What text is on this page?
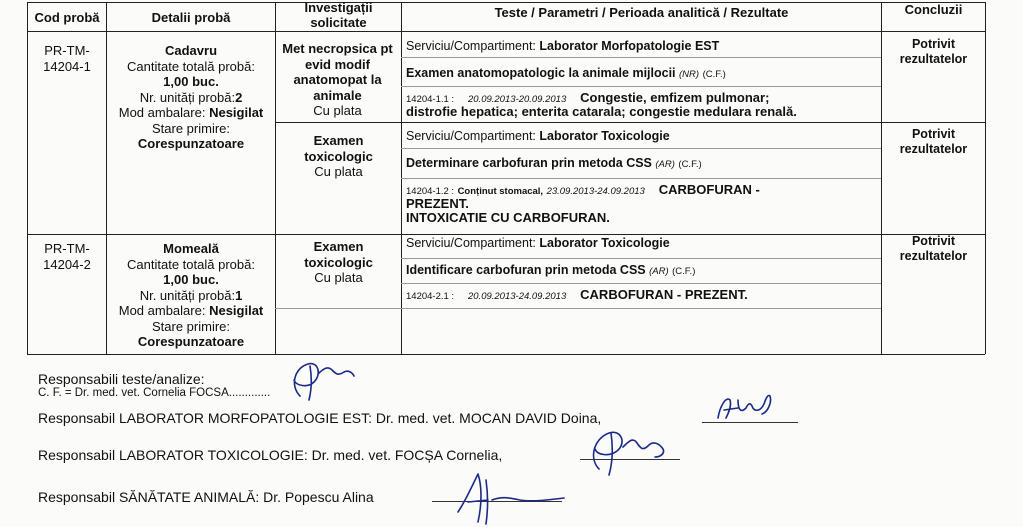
Cod probă	Detalii probă
Investigații
solicitate
Teste / Parametri / Perioada analitică / Rezultate	Concluzii
PR-TM-
14204-1
Cadavru
Cantitate totală probă:
1,00 buc.
Nr. unități probă:2
Mod ambalare: Nesigilat
Stare primire:
Corespunzatoare
Met necropsica pt
evid modif
anatomopat la
animale
Cu plata
Serviciu/Compartiment: Laborator Morfopatologie EST
Examen anatomopatologic la animale mijlocii (NR) (C.F.)
14204-1.1 : 20.09.2013-20.09.2013 Congestie, emfizem pulmonar;
distrofie hepatica; enterita catarala; congestie medulara renală.
Potrivit
rezultatelor
Examen
toxicologic
Cu plata
Serviciu/Compartiment: Laborator Toxicologie
Determinare carbofuran prin metoda CSS (AR) (C.F.)
14204-1.2 : Conținut stomacal, 23.09.2013-24.09.2013 CARBOFURAN -
PREZENT.
INTOXICATIE CU CARBOFURAN.
Potrivit
rezultatelor
PR-TM-
14204-2
Momeală
Cantitate totală probă:
1,00 buc.
Nr. unități probă:1
Mod ambalare: Nesigilat
Stare primire:
Corespunzatoare
Examen
toxicologic
Cu plata
Serviciu/Compartiment: Laborator Toxicologie
Identificare carbofuran prin metoda CSS (AR) (C.F.)
14204-2.1 : 20.09.2013-24.09.2013 CARBOFURAN - PREZENT.
Potrivit
rezultatelor
Responsabili teste/analize:
C. F. = Dr. med. vet. Cornelia FOCSA.............
Responsabil LABORATOR MORFOPATOLOGIE EST: Dr. med. vet. MOCAN DAVID Doina,
Responsabil LABORATOR TOXICOLOGIE: Dr. med. vet. FOCȘA Cornelia,
Responsabil SĂNĂTATE ANIMALĂ: Dr. Popescu Alina
